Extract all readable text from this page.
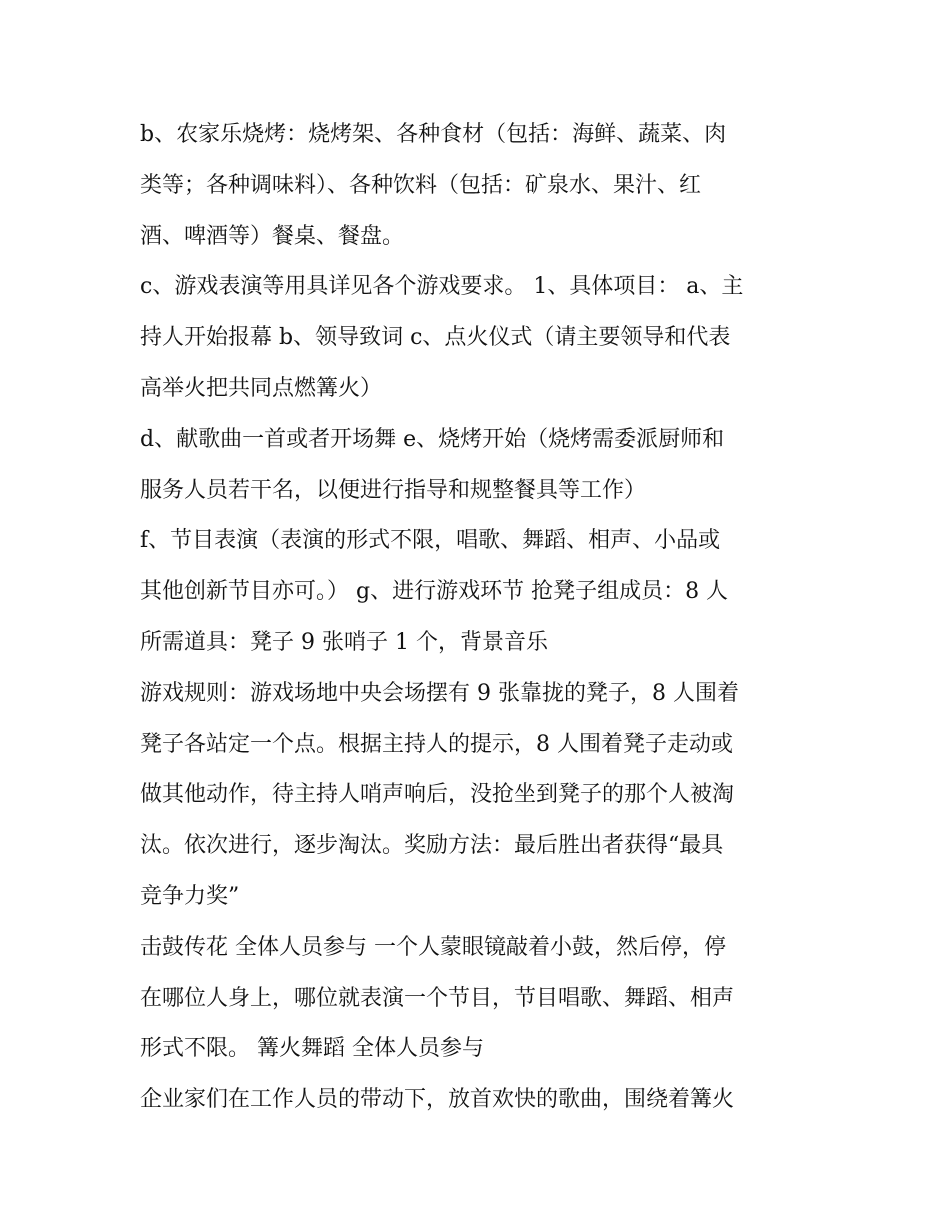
b、农家乐烧烤：烧烤架、各种食材（包括：海鲜、蔬菜、肉
类等；各种调味料）、各种饮料（包括：矿泉水、果汁、红
酒、啤酒等）餐桌、餐盘。

c、游戏表演等用具详见各个游戏要求。 1、具体项目： a、主
持人开始报幕 b、领导致词 c、点火仪式（请主要领导和代表
高举火把共同点燃篝火）

d、献歌曲一首或者开场舞 e、烧烤开始（烧烤需委派厨师和
服务人员若干名，以便进行指导和规整餐具等工作）

f、节目表演（表演的形式不限，唱歌、舞蹈、相声、小品或
其他创新节目亦可。） g、进行游戏环节 抢凳子组成员：8 人
所需道具：凳子 9 张哨子 1 个，背景音乐

游戏规则：游戏场地中央会场摆有 9 张靠拢的凳子，8 人围着
凳子各站定一个点。根据主持人的提示，8 人围着凳子走动或
做其他动作，待主持人哨声响后，没抢坐到凳子的那个人被淘
汰。依次进行，逐步淘汰。奖励方法：最后胜出者获得“最具
竞争力奖”

击鼓传花 全体人员参与 一个人蒙眼镜敲着小鼓，然后停，停
在哪位人身上，哪位就表演一个节目，节目唱歌、舞蹈、相声
形式不限。 篝火舞蹈 全体人员参与

企业家们在工作人员的带动下，放首欢快的歌曲，围绕着篝火
